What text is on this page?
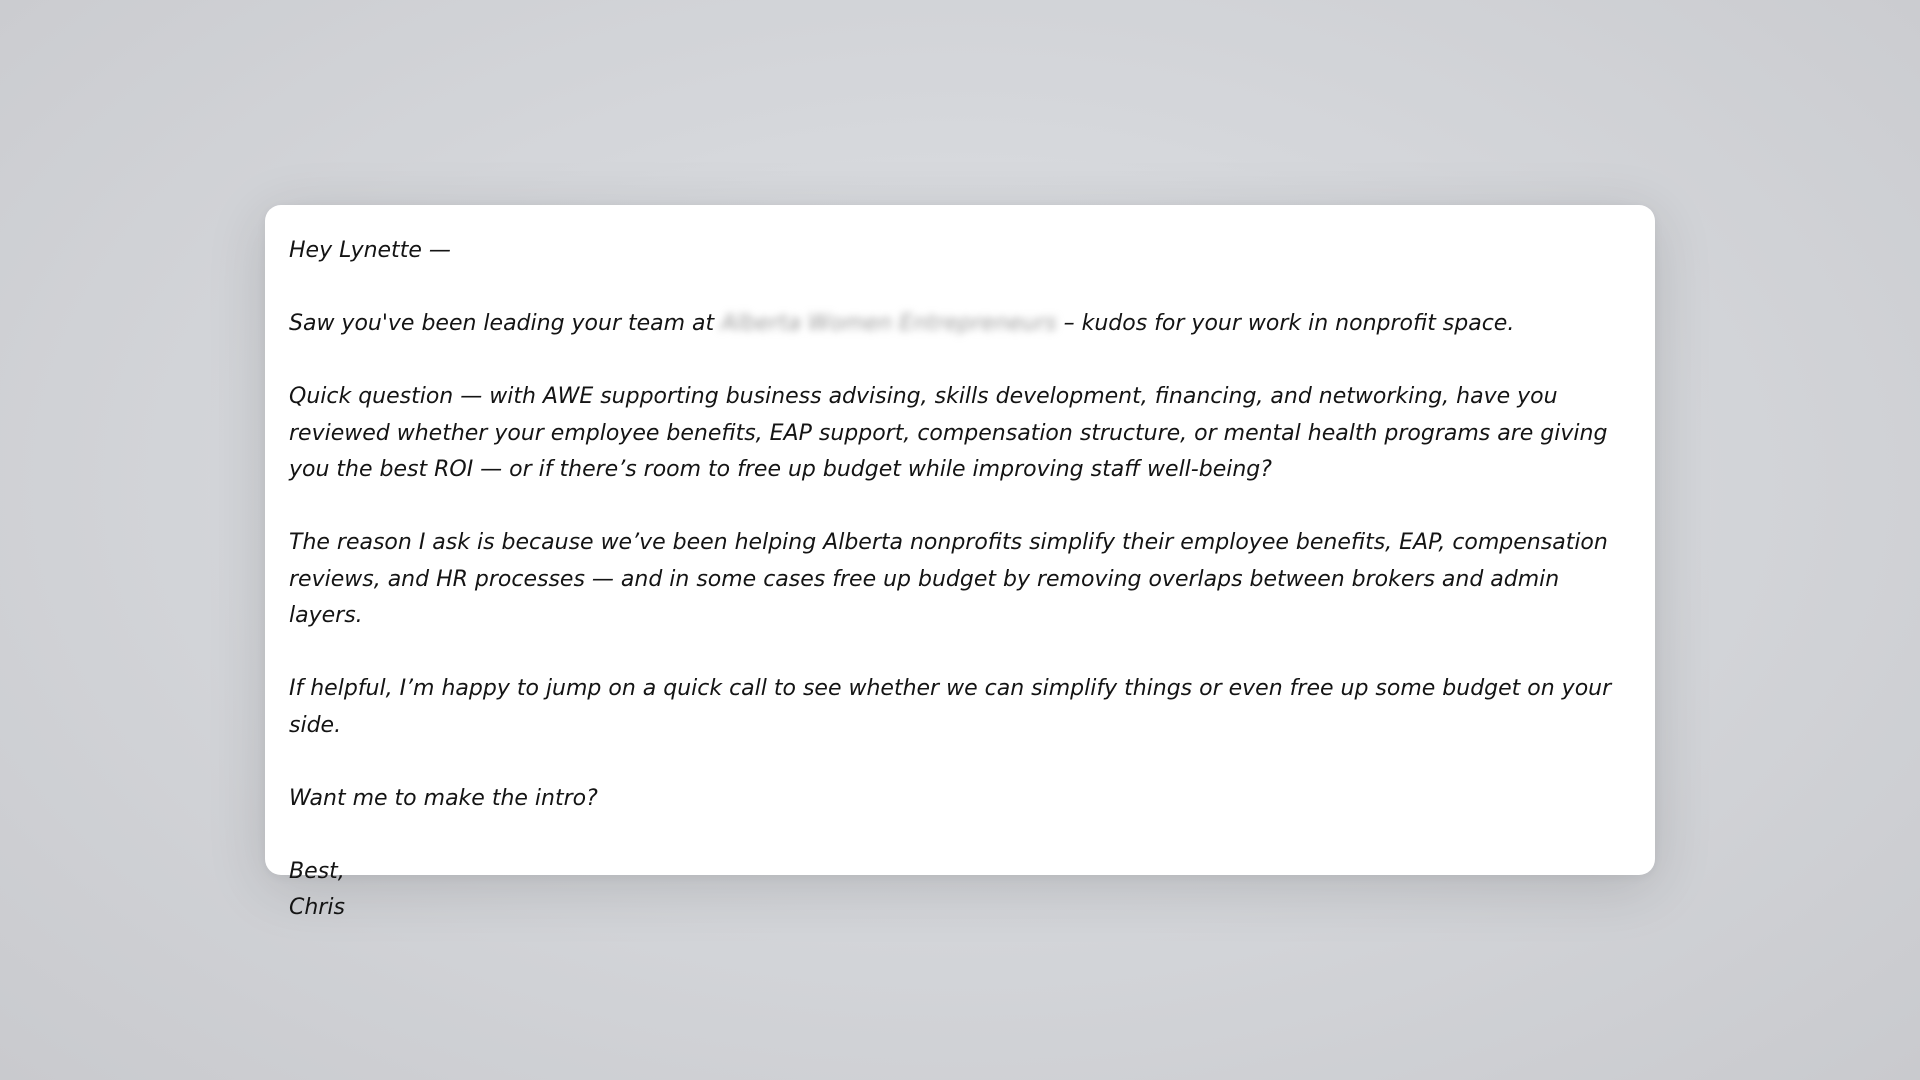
Hey Lynette —

Saw you've been leading your team at Alberta Women Entrepreneurs – kudos for your work in nonprofit space.

Quick question — with AWE supporting business advising, skills development, financing, and networking, have you reviewed whether your employee benefits, EAP support, compensation structure, or mental health programs are giving you the best ROI — or if there’s room to free up budget while improving staff well-being?

The reason I ask is because we’ve been helping Alberta nonprofits simplify their employee benefits, EAP, compensation reviews, and HR processes — and in some cases free up budget by removing overlaps between brokers and admin layers.

If helpful, I’m happy to jump on a quick call to see whether we can simplify things or even free up some budget on your side.

Want me to make the intro?

Best,
Chris
